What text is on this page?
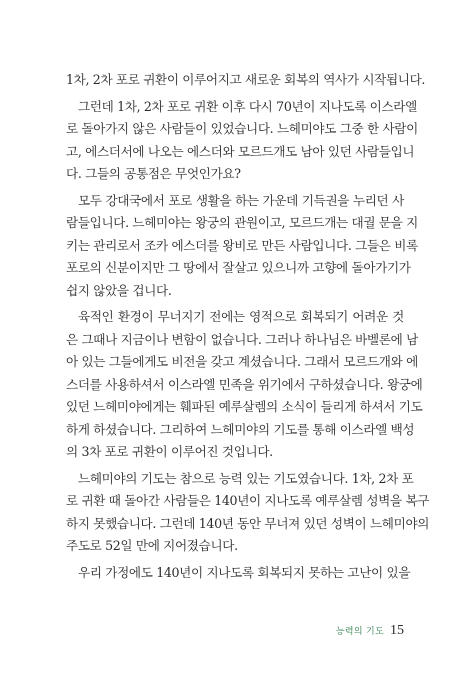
1차, 2차 포로 귀환이 이루어지고 새로운 회복의 역사가 시작됩니다.
그런데 1차, 2차 포로 귀환 이후 다시 70년이 지나도록 이스라엘
로 돌아가지 않은 사람들이 있었습니다. 느헤미야도 그중 한 사람이
고, 에스더서에 나오는 에스더와 모르드개도 남아 있던 사람들입니
다. 그들의 공통점은 무엇인가요?
모두 강대국에서 포로 생활을 하는 가운데 기득권을 누리던 사
람들입니다. 느헤미야는 왕궁의 관원이고, 모르드개는 대궐 문을 지
키는 관리로서 조카 에스더를 왕비로 만든 사람입니다. 그들은 비록
포로의 신분이지만 그 땅에서 잘살고 있으니까 고향에 돌아가기가
쉽지 않았을 겁니다.
육적인 환경이 무너지기 전에는 영적으로 회복되기 어려운 것
은 그때나 지금이나 변함이 없습니다. 그러나 하나님은 바벨론에 남
아 있는 그들에게도 비전을 갖고 계셨습니다. 그래서 모르드개와 에
스더를 사용하셔서 이스라엘 민족을 위기에서 구하셨습니다. 왕궁에
있던 느헤미야에게는 훼파된 예루살렘의 소식이 들리게 하셔서 기도
하게 하셨습니다. 그리하여 느헤미야의 기도를 통해 이스라엘 백성
의 3차 포로 귀환이 이루어진 것입니다.
느헤미야의 기도는 참으로 능력 있는 기도였습니다. 1차, 2차 포
로 귀환 때 돌아간 사람들은 140년이 지나도록 예루살렘 성벽을 복구
하지 못했습니다. 그런데 140년 동안 무너져 있던 성벽이 느헤미야의
주도로 52일 만에 지어졌습니다.
우리 가정에도 140년이 지나도록 회복되지 못하는 고난이 있을
능력의 기도 15
